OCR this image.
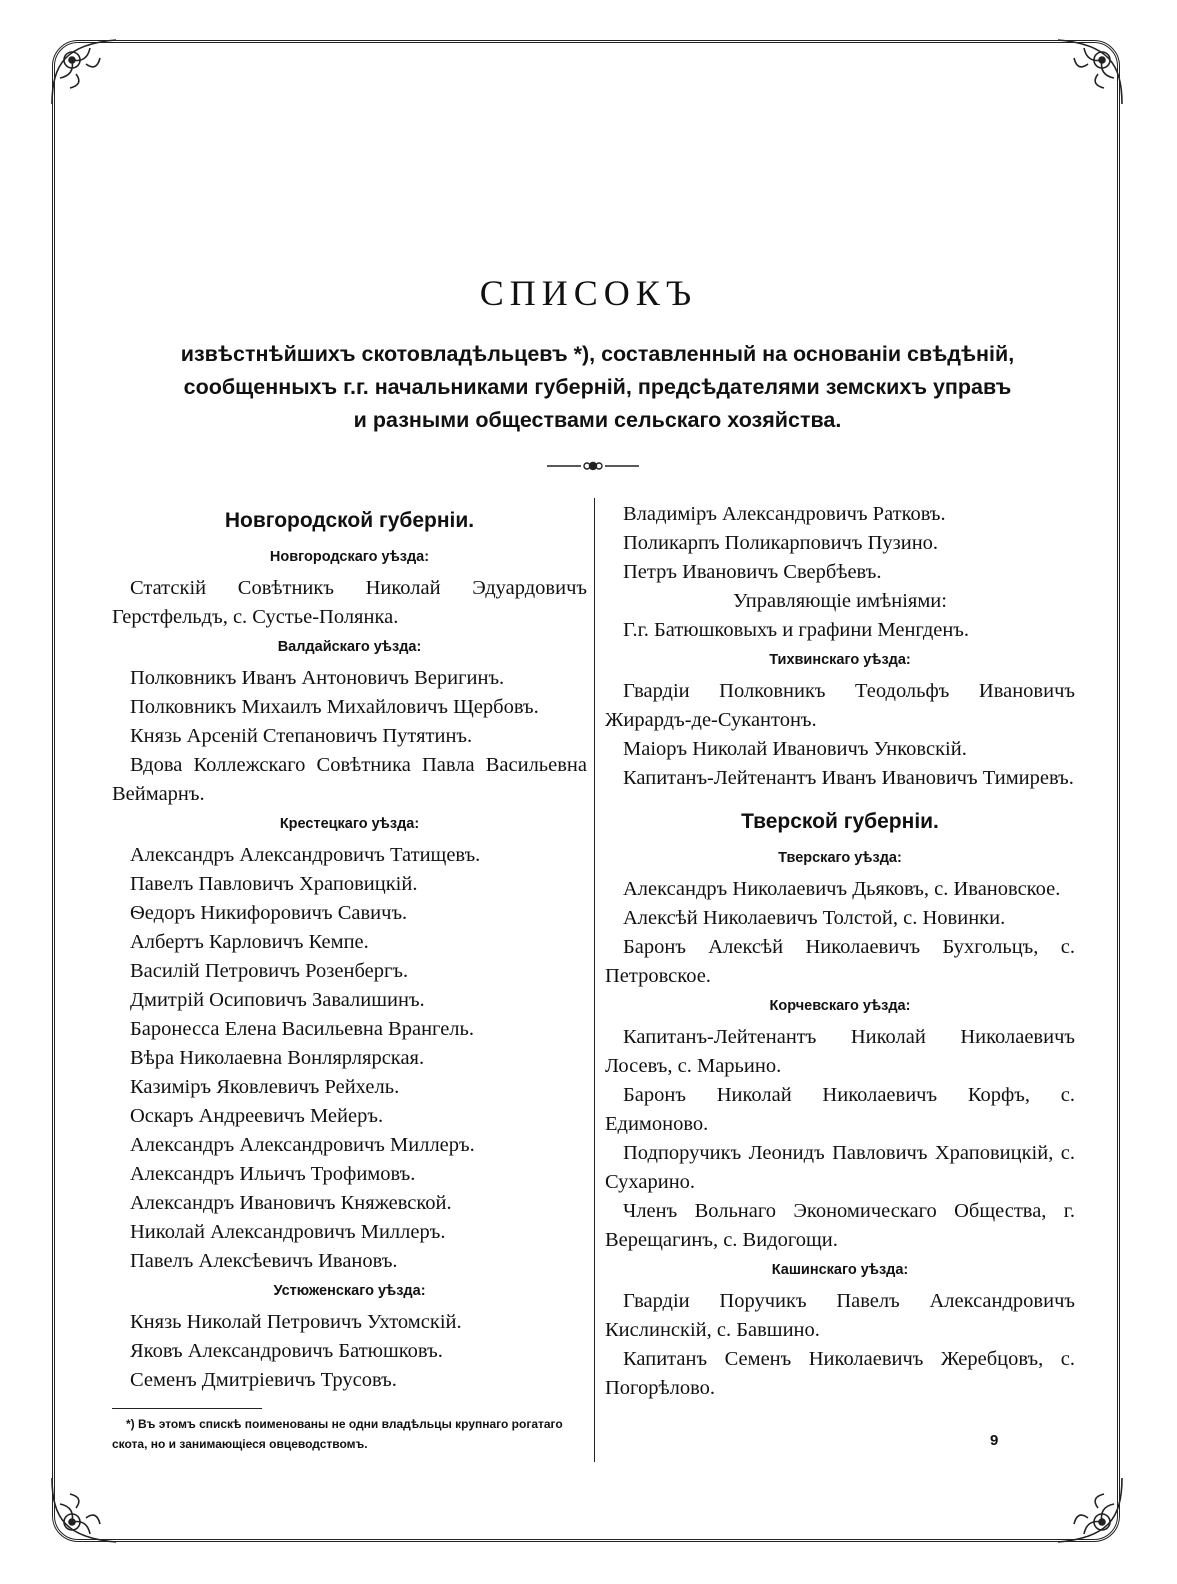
СПИСОКЪ
извѣстнѣйшихъ скотовладѣльцевъ *), составленный на основаніи свѣдѣній,
сообщенныхъ г.г. начальниками губерній, предсѣдателями земскихъ управъ
и разными обществами сельскаго хозяйства.
Новгородской губерніи.
Новгородскаго уѣзда:

Статскій Совѣтникъ Николай Эдуардовичъ Герстфельдъ, с. Сустье-Полянка.

Валдайскаго уѣзда:

Полковникъ Иванъ Антоновичъ Веригинъ.

Полковникъ Михаилъ Михайловичъ Щербовъ.

Князь Арсеній Степановичъ Путятинъ.

Вдова Коллежскаго Совѣтника Павла Васильевна Веймарнъ.

Крестецкаго уѣзда:

Александръ Александровичъ Татищевъ.

Павелъ Павловичъ Храповицкій.

Ѳедоръ Никифоровичъ Савичъ.

Албертъ Карловичъ Кемпе.

Василій Петровичъ Розенбергъ.

Дмитрій Осиповичъ Завалишинъ.

Баронесса Елена Васильевна Врангель.

Вѣра Николаевна Вонлярлярская.

Казиміръ Яковлевичъ Рейхель.

Оскаръ Андреевичъ Мейеръ.

Александръ Александровичъ Миллеръ.

Александръ Ильичъ Трофимовъ.

Александръ Ивановичъ Княжевской.

Николай Александровичъ Миллеръ.

Павелъ Алексѣевичъ Ивановъ.

Устюженскаго уѣзда:

Князь Николай Петровичъ Ухтомскій.

Яковъ Александровичъ Батюшковъ.

Семенъ Дмитріевичъ Трусовъ.

*) Въ этомъ спискѣ поименованы не одни владѣльцы крупнаго рогатаго скота, но и занимающіеся овцеводствомъ.

Владиміръ Александровичъ Ратковъ.

Поликарпъ Поликарповичъ Пузино.

Петръ Ивановичъ Свербѣевъ.

Управляющіе имѣніями:

Г.г. Батюшковыхъ и графини Менгденъ.

Тихвинскаго уѣзда:

Гвардіи Полковникъ Теодольфъ Ивановичъ Жирардъ-де-Сукантонъ.

Маіоръ Николай Ивановичъ Унковскій.

Капитанъ-Лейтенантъ Иванъ Ивановичъ Тимиревъ.

Тверской губерніи.
Тверскаго уѣзда:

Александръ Николаевичъ Дьяковъ, с. Ивановское.

Алексѣй Николаевичъ Толстой, с. Новинки.

Баронъ Алексѣй Николаевичъ Бухгольцъ, с. Петровское.

Корчевскаго уѣзда:

Капитанъ-Лейтенантъ Николай Николаевичъ Лосевъ, с. Марьино.

Баронъ Николай Николаевичъ Корфъ, с. Едимоново.

Подпоручикъ Леонидъ Павловичъ Храповицкій, с. Сухарино.

Членъ Вольнаго Экономическаго Общества, г. Верещагинъ, с. Видогощи.

Кашинскаго уѣзда:

Гвардіи Поручикъ Павелъ Александровичъ Кислинскій, с. Бавшино.

Капитанъ Семенъ Николаевичъ Жеребцовъ, с. Погорѣлово.

9
